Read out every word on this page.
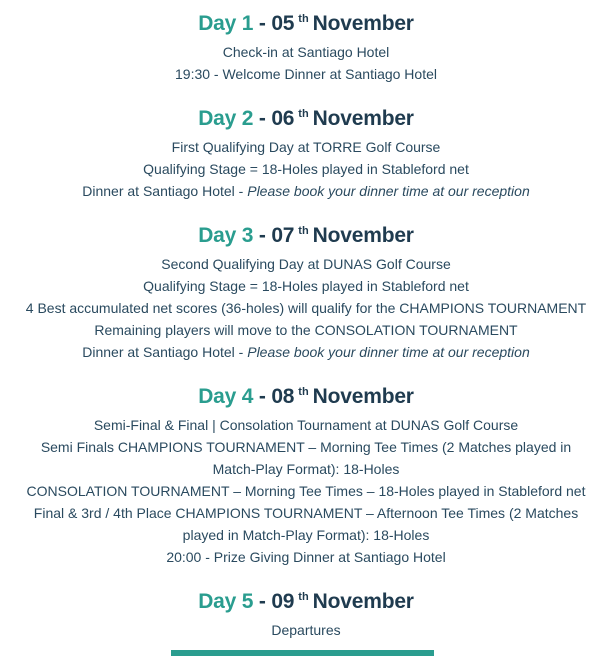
Day 1 - 05 $^{th}$ November

Check-in at Santiago Hotel

19:30 - Welcome Dinner at Santiago Hotel

Day 2 - 06 $^{th}$ November

First Qualifying Day at TORRE Golf Course

Qualifying Stage = 18-Holes played in Stableford net

Dinner at Santiago Hotel - Please book your dinner time at our reception

Day 3 - 07 $^{th}$ November

Second Qualifying Day at DUNAS Golf Course

Qualifying Stage = 18-Holes played in Stableford net

4 Best accumulated net scores (36-holes) will qualify for the CHAMPIONS TOURNAMENT

Remaining players will move to the CONSOLATION TOURNAMENT

Dinner at Santiago Hotel - Please book your dinner time at our reception

Day 4 - 08 $^{th}$ November

Semi-Final & Final | Consolation Tournament at DUNAS Golf Course

Semi Finals CHAMPIONS TOURNAMENT – Morning Tee Times (2 Matches played in

Match-Play Format): 18-Holes

CONSOLATION TOURNAMENT – Morning Tee Times – 18-Holes played in Stableford net

Final & 3rd / 4th Place CHAMPIONS TOURNAMENT – Afternoon Tee Times (2 Matches

played in Match-Play Format): 18-Holes

20:00 - Prize Giving Dinner at Santiago Hotel

Day 5 - 09 $^{th}$ November

Departures
